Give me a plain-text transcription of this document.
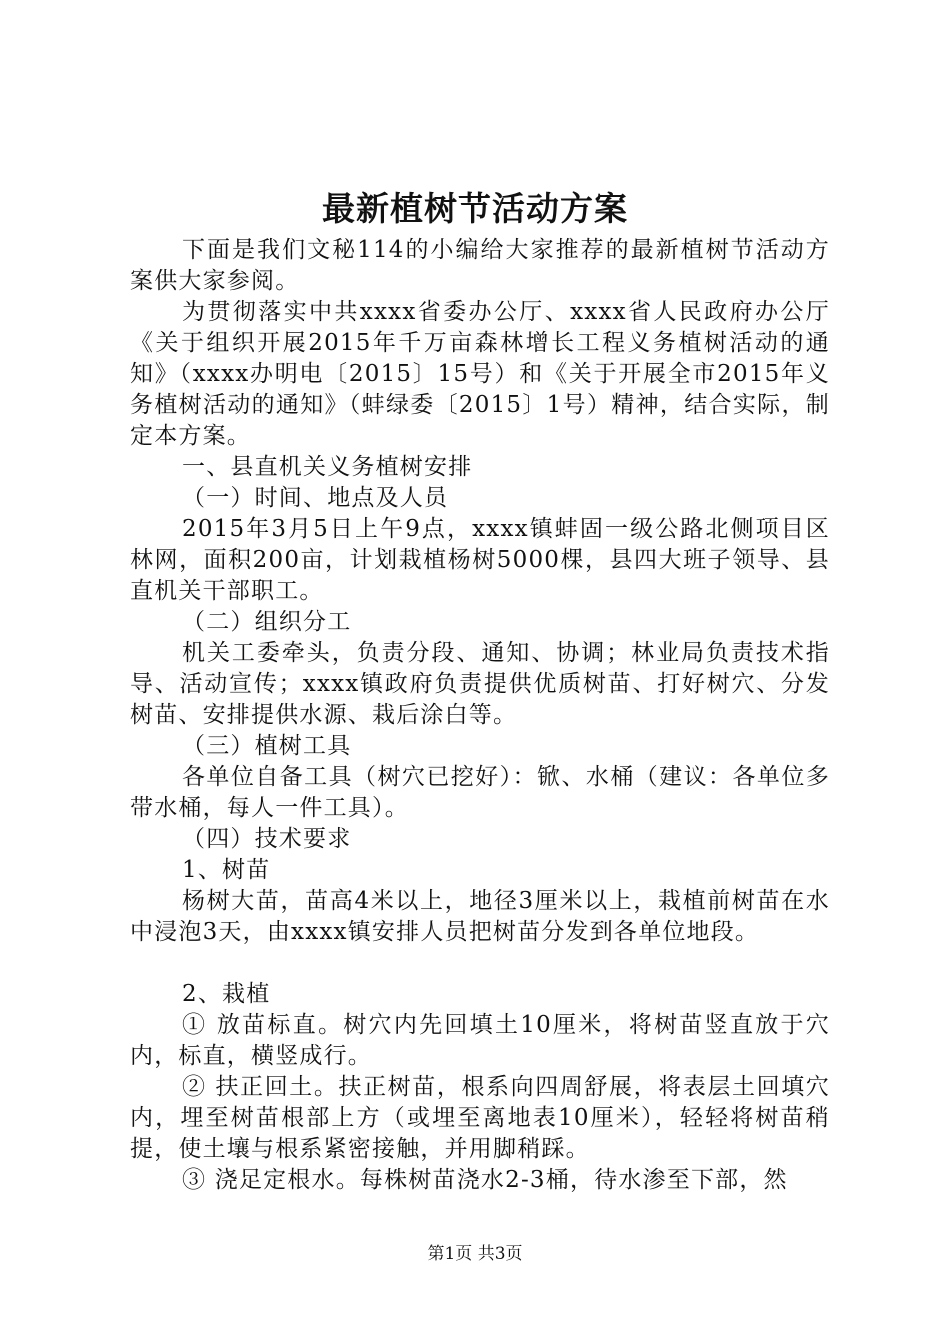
最新植树节活动方案

下面是我们文秘114的小编给大家推荐的最新植树节活动方案供大家参阅。

为贯彻落实中共xxxx省委办公厅、xxxx省人民政府办公厅《关于组织开展2015年千万亩森林增长工程义务植树活动的通知》（xxxx办明电〔2015〕15号）和《关于开展全市2015年义务植树活动的通知》（蚌绿委〔2015〕1号）精神，结合实际，制定本方案。

一、县直机关义务植树安排

（一）时间、地点及人员

2015年3月5日上午9点，xxxx镇蚌固一级公路北侧项目区林网，面积200亩，计划栽植杨树5000棵，县四大班子领导、县直机关干部职工。

（二）组织分工

机关工委牵头，负责分段、通知、协调；林业局负责技术指导、活动宣传；xxxx镇政府负责提供优质树苗、打好树穴、分发树苗、安排提供水源、栽后涂白等。

（三）植树工具

各单位自备工具（树穴已挖好）：锨、水桶（建议：各单位多带水桶，每人一件工具）。

（四）技术要求

1、树苗

杨树大苗，苗高4米以上，地径3厘米以上，栽植前树苗在水中浸泡3天，由xxxx镇安排人员把树苗分发到各单位地段。

2、栽植

① 放苗标直。树穴内先回填土10厘米，将树苗竖直放于穴内，标直，横竖成行。

② 扶正回土。扶正树苗，根系向四周舒展，将表层土回填穴内，埋至树苗根部上方（或埋至离地表10厘米），轻轻将树苗稍提，使土壤与根系紧密接触，并用脚稍踩。

③ 浇足定根水。每株树苗浇水2-3桶，待水渗至下部，然

第1页 共3页
